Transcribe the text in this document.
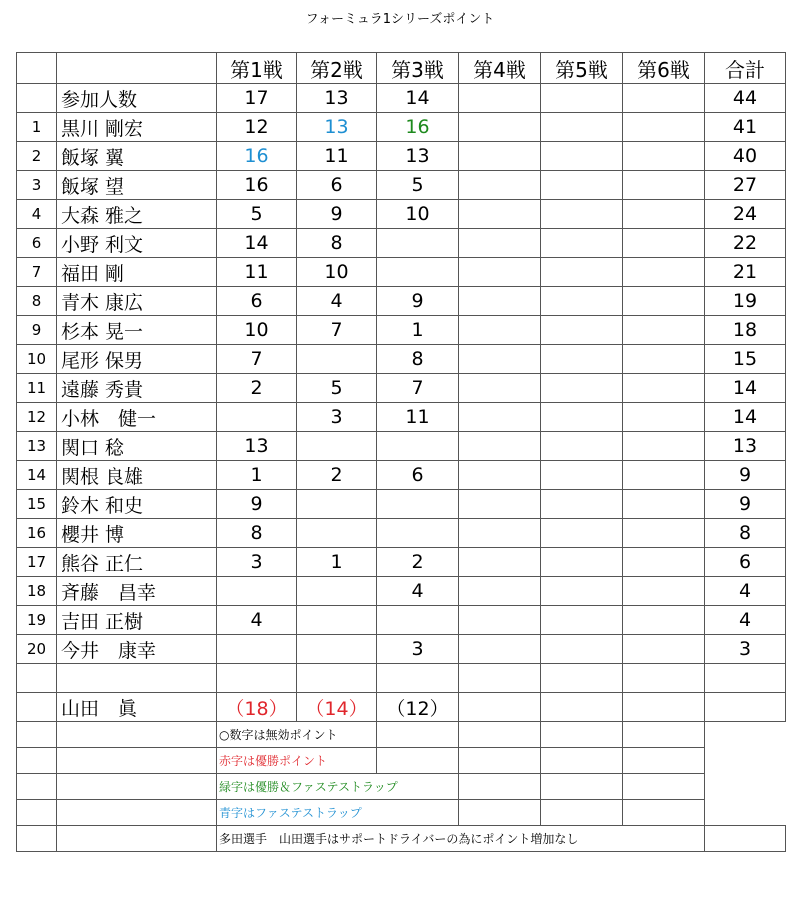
フォーミュラ1シリーズポイント
		第1戦	第2戦	第3戦	第4戦	第5戦	第6戦	合計
	参加人数	17	13	14				44
1	黒川 剛宏	12	13	16				41
2	飯塚 翼	16	11	13				40
3	飯塚 望	16	6	5				27
4	大森 雅之	5	9	10				24
6	小野 利文	14	8					22
7	福田 剛	11	10					21
8	青木 康広	6	4	9				19
9	杉本 晃一	10	7	1				18
10	尾形 保男	7		8				15
11	遠藤 秀貴	2	5	7				14
12	小林　健一		3	11				14
13	関口 稔	13						13
14	関根 良雄	1	2	6				9
15	鈴木 和史	9						9
16	櫻井 博	8						8
17	熊谷 正仁	3	1	2				6
18	斉藤　昌幸			4				4
19	吉田 正樹	4						4
20	今井　康幸			3				3

	山田　眞	（18）	（14）	（12）				
		○数字は無効ポイント						
		赤字は優勝ポイント						
		緑字は優勝＆ファステストラップ						
		青字はファステストラップ						
		多田選手　山田選手はサポートドライバーの為にポイント増加なし						
